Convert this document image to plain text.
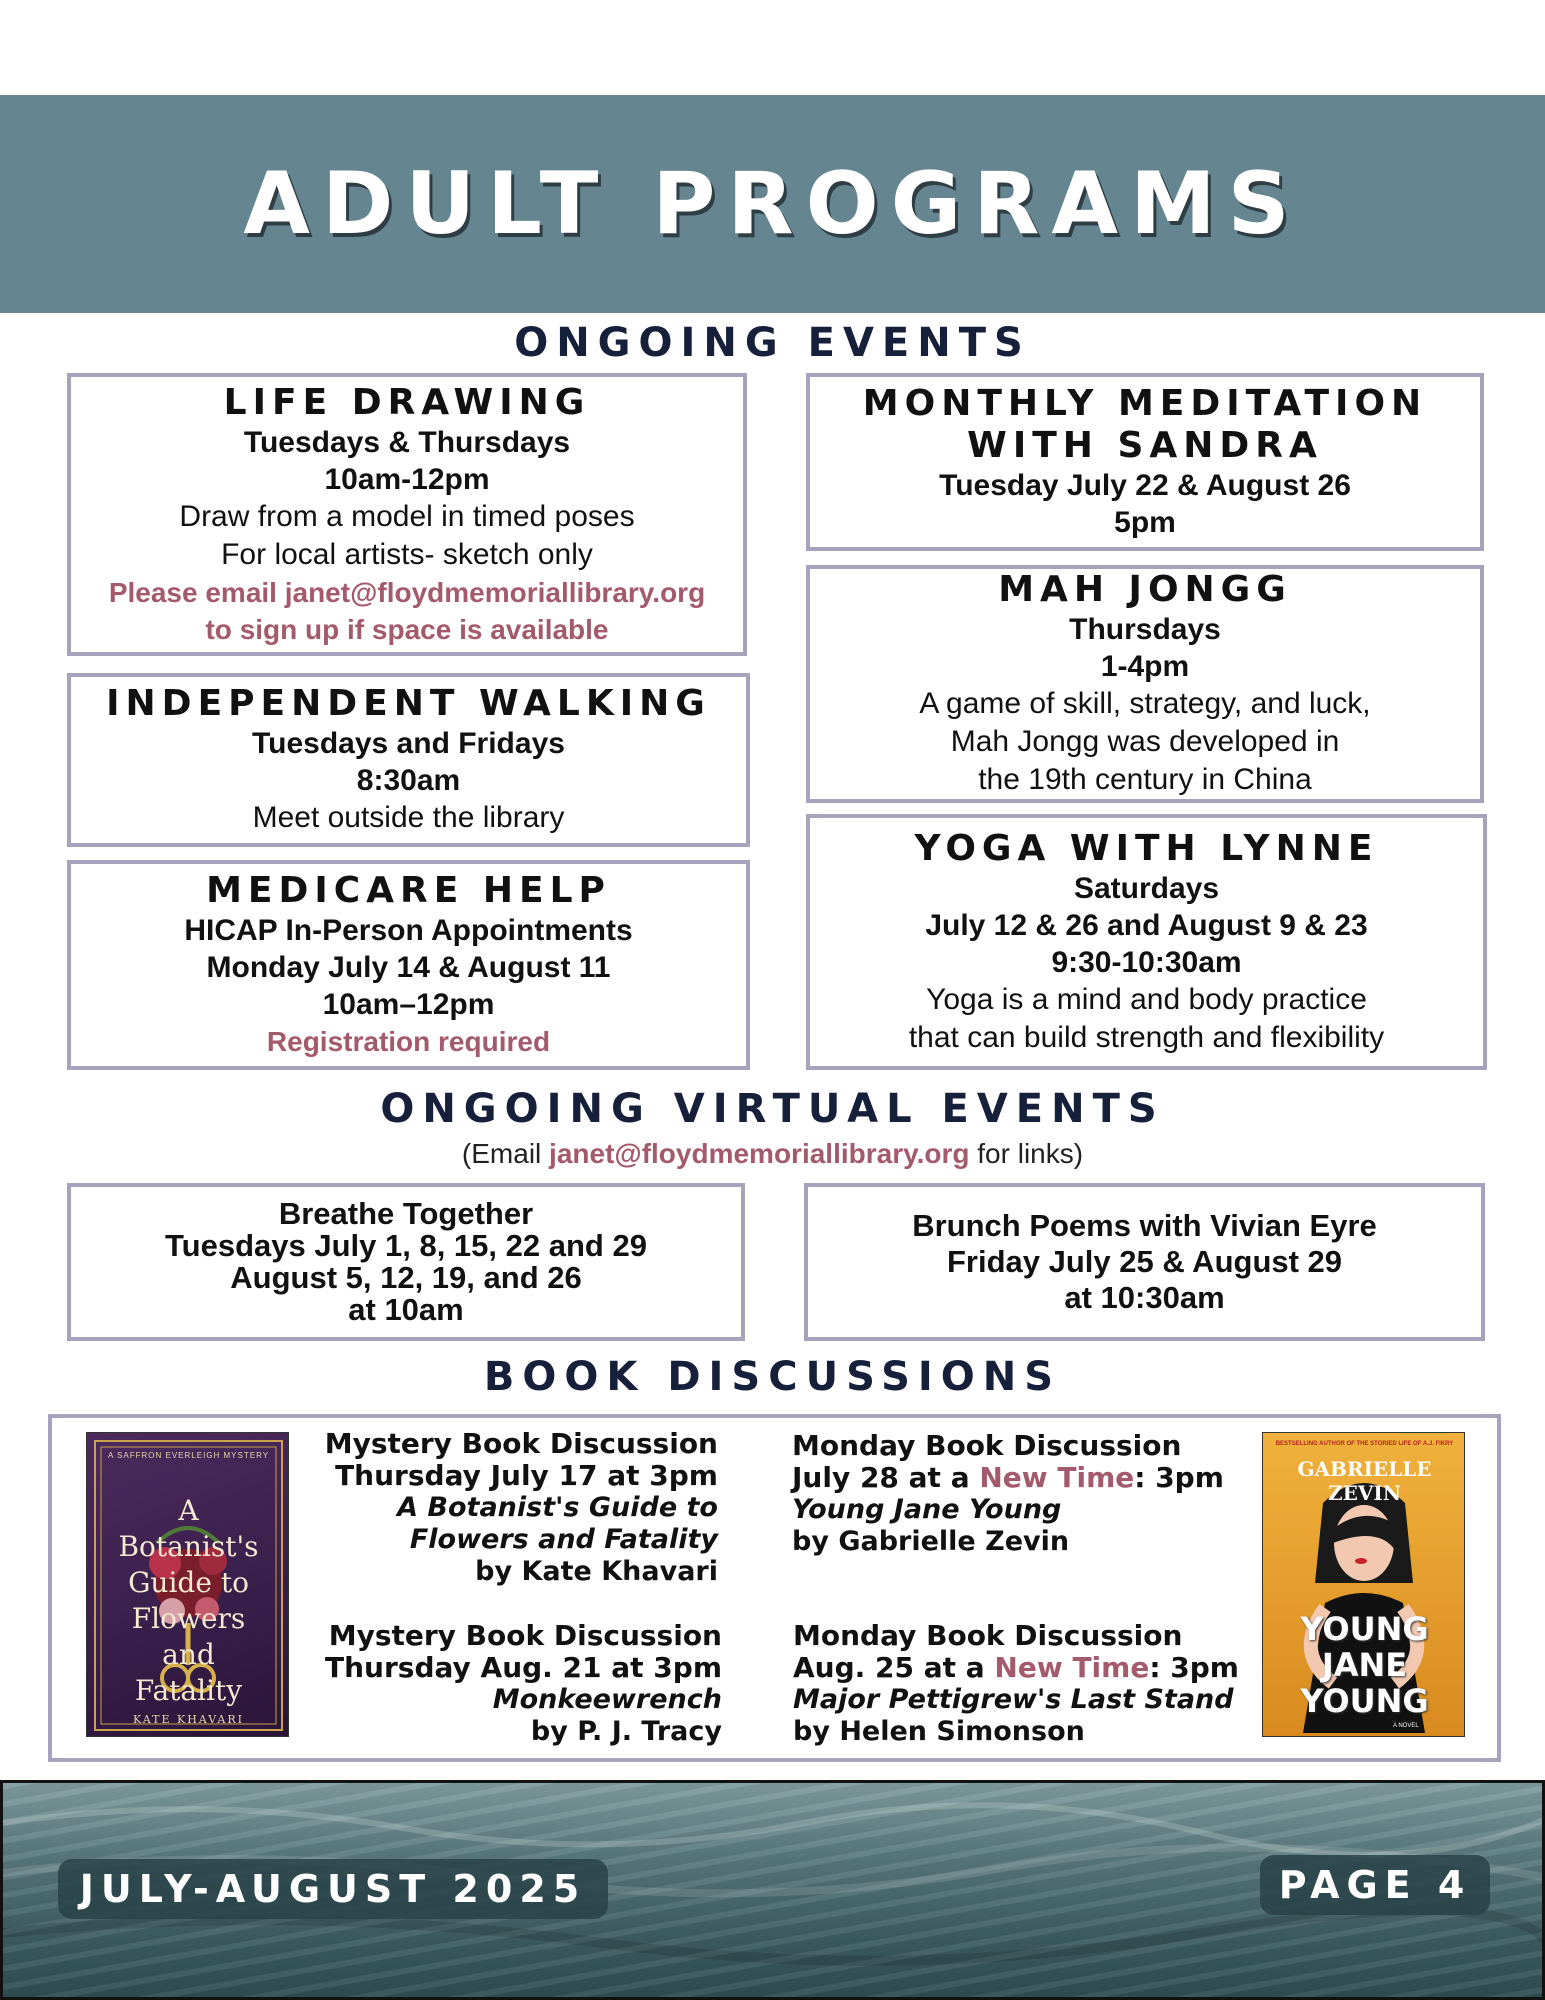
ADULT PROGRAMS
ONGOING EVENTS
LIFE DRAWING
Tuesdays & Thursdays
10am-12pm
Draw from a model in timed poses
For local artists- sketch only
Please email janet@floydmemoriallibrary.org
to sign up if space is available
INDEPENDENT WALKING
Tuesdays and Fridays
8:30am
Meet outside the library
MEDICARE HELP
HICAP In-Person Appointments
Monday July 14 & August 11
10am–12pm
Registration required
MONTHLY MEDITATION
WITH SANDRA
Tuesday July 22 & August 26
5pm
MAH JONGG
Thursdays
1-4pm
A game of skill, strategy, and luck,
Mah Jongg was developed in
the 19th century in China
YOGA WITH LYNNE
Saturdays
July 12 & 26 and August 9 & 23
9:30-10:30am
Yoga is a mind and body practice
that can build strength and flexibility
ONGOING VIRTUAL EVENTS
(Email janet@floydmemoriallibrary.org for links)
Breathe Together
Tuesdays July 1, 8, 15, 22 and 29
August 5, 12, 19, and 26
at 10am
Brunch Poems with Vivian Eyre
Friday July 25 & August 29
at 10:30am
BOOK DISCUSSIONS
A SAFFRON EVERLEIGH MYSTERY
A Botanist's Guide to Flowers and Fatality
KATE KHAVARI
BESTSELLING AUTHOR OF THE STORIED LIFE OF A.J. FIKRY
GABRIELLE ZEVIN
YOUNG
JANE
YOUNG
A NOVEL
Mystery Book Discussion
Thursday July 17 at 3pm
A Botanist's Guide to
Flowers and Fatality
by Kate Khavari
Mystery Book Discussion
Thursday Aug. 21 at 3pm
Monkeewrench
by P. J. Tracy
Monday Book Discussion
July 28 at a New Time: 3pm
Young Jane Young
by Gabrielle Zevin
Monday Book Discussion
Aug. 25 at a New Time: 3pm
Major Pettigrew's Last Stand
by Helen Simonson
JULY-AUGUST 2025	PAGE 4
